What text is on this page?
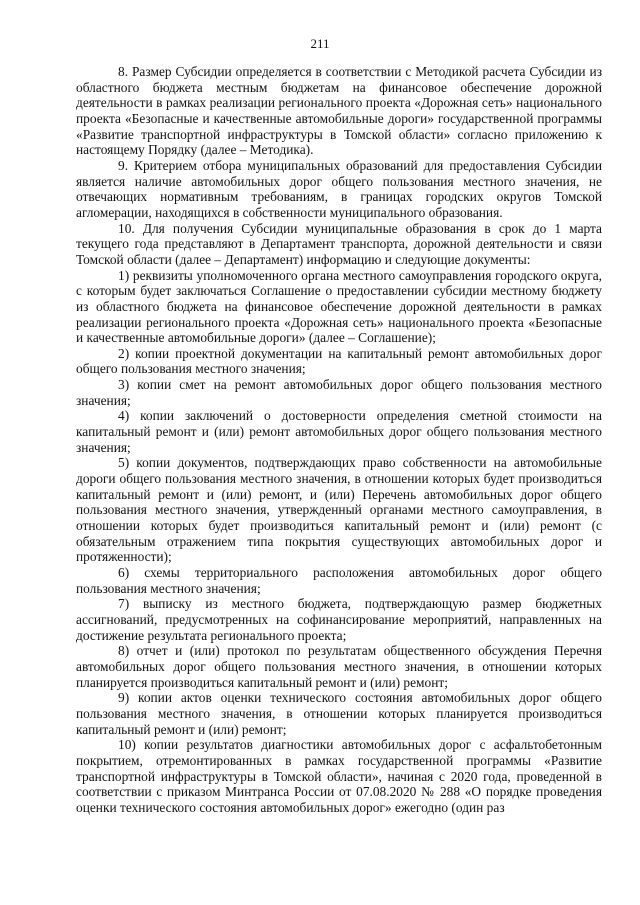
211

8. Размер Субсидии определяется в соответствии с Методикой расчета Субсидии из областного бюджета местным бюджетам на финансовое обеспечение дорожной деятельности в рамках реализации регионального проекта «Дорожная сеть» национального проекта «Безопасные и качественные автомобильные дороги» государственной программы «Развитие транспортной инфраструктуры в Томской области» согласно приложению к настоящему Порядку (далее – Методика).

9. Критерием отбора муниципальных образований для предоставления Субсидии является наличие автомобильных дорог общего пользования местного значения, не отвечающих нормативным требованиям, в границах городских округов Томской агломерации, находящихся в собственности муниципального образования.

10. Для получения Субсидии муниципальные образования в срок до 1 марта текущего года представляют в Департамент транспорта, дорожной деятельности и связи Томской области (далее – Департамент) информацию и следующие документы:

1) реквизиты уполномоченного органа местного самоуправления городского округа, с которым будет заключаться Соглашение о предоставлении субсидии местному бюджету из областного бюджета на финансовое обеспечение дорожной деятельности в рамках реализации регионального проекта «Дорожная сеть» национального проекта «Безопасные и качественные автомобильные дороги» (далее – Соглашение);

2) копии проектной документации на капитальный ремонт автомобильных дорог общего пользования местного значения;

3) копии смет на ремонт автомобильных дорог общего пользования местного значения;

4) копии заключений о достоверности определения сметной стоимости на капитальный ремонт и (или) ремонт автомобильных дорог общего пользования местного значения;

5) копии документов, подтверждающих право собственности на автомобильные дороги общего пользования местного значения, в отношении которых будет производиться капитальный ремонт и (или) ремонт, и (или) Перечень автомобильных дорог общего пользования местного значения, утвержденный органами местного самоуправления, в отношении которых будет производиться капитальный ремонт и (или) ремонт (с обязательным отражением типа покрытия существующих автомобильных дорог и протяженности);

6) схемы территориального расположения автомобильных дорог общего пользования местного значения;

7) выписку из местного бюджета, подтверждающую размер бюджетных ассигнований, предусмотренных на софинансирование мероприятий, направленных на достижение результата регионального проекта;

8) отчет и (или) протокол по результатам общественного обсуждения Перечня автомобильных дорог общего пользования местного значения, в отношении которых планируется производиться капитальный ремонт и (или) ремонт;

9) копии актов оценки технического состояния автомобильных дорог общего пользования местного значения, в отношении которых планируется производиться капитальный ремонт и (или) ремонт;

10) копии результатов диагностики автомобильных дорог с асфальтобетонным покрытием, отремонтированных в рамках государственной программы «Развитие транспортной инфраструктуры в Томской области», начиная с 2020 года, проведенной в соответствии с приказом Минтранса России от 07.08.2020 № 288 «О порядке проведения оценки технического состояния автомобильных дорог» ежегодно (один раз
